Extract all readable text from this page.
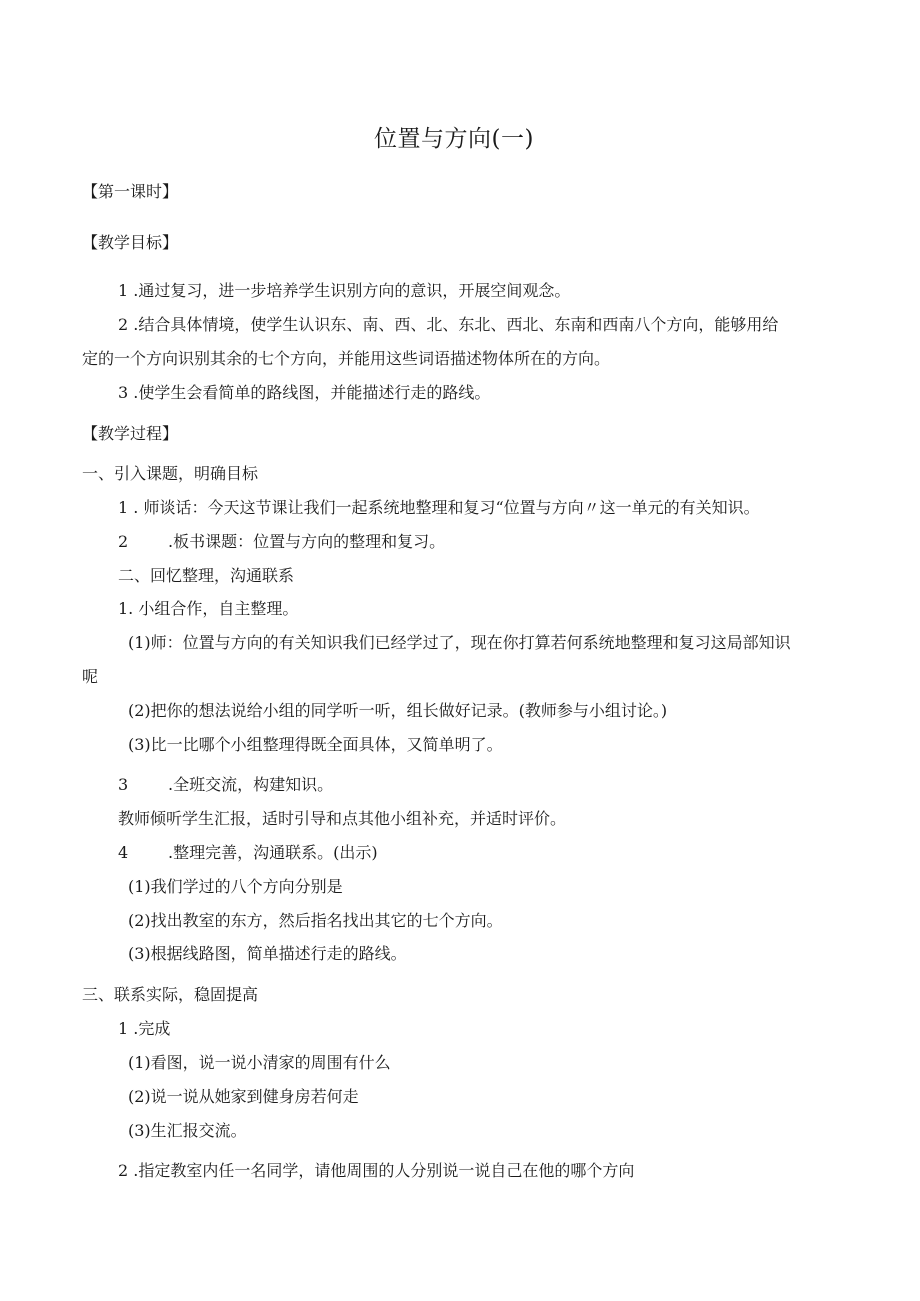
位置与方向(一)
【第一课时】
【教学目标】
1 .通过复习，进一步培养学生识别方向的意识，开展空间观念。
2 .结合具体情境，使学生认识东、南、西、北、东北、西北、东南和西南八个方向，能够用给
定的一个方向识别其余的七个方向，并能用这些词语描述物体所在的方向。
3 .使学生会看简单的路线图，并能描述行走的路线。
【教学过程】
一、引入课题，明确目标
1 . 师谈话：今天这节课让我们一起系统地整理和复习“位置与方向〃这一单元的有关知识。
2 .板书课题：位置与方向的整理和复习。
二、回忆整理，沟通联系
1. 小组合作，自主整理。
(1)师：位置与方向的有关知识我们已经学过了，现在你打算若何系统地整理和复习这局部知识
呢
(2)把你的想法说给小组的同学听一听，组长做好记录。(教师参与小组讨论。)
(3)比一比哪个小组整理得既全面具体，又简单明了。
3 .全班交流，构建知识。
教师倾听学生汇报，适时引导和点其他小组补充，并适时评价。
4 .整理完善，沟通联系。(出示)
(1)我们学过的八个方向分别是
(2)找出教室的东方，然后指名找出其它的七个方向。
(3)根据线路图，简单描述行走的路线。
三、联系实际，稳固提高
1 .完成
(1)看图，说一说小清家的周围有什么
(2)说一说从她家到健身房若何走
(3)生汇报交流。
2 .指定教室内任一名同学，请他周围的人分别说一说自己在他的哪个方向
